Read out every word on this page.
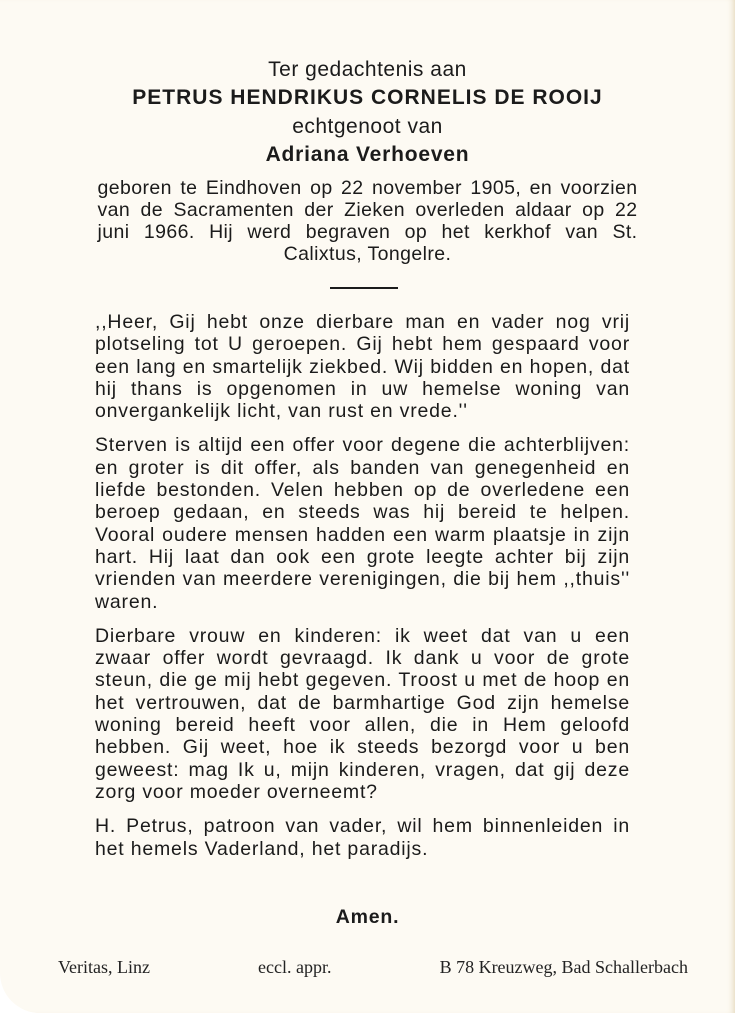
Ter gedachtenis aan
PETRUS HENDRIKUS CORNELIS DE ROOIJ
echtgenoot van
Adriana Verhoeven
geboren te Eindhoven op 22 november 1905, en voorzien van de Sacramenten der Zieken overleden aldaar op 22 juni 1966. Hij werd begraven op het kerkhof van St. Calixtus, Tongelre.

,,Heer, Gij hebt onze dierbare man en vader nog vrij plotseling tot U geroepen. Gij hebt hem gespaard voor een lang en smartelijk ziekbed. Wij bidden en hopen, dat hij thans is opgenomen in uw hemelse woning van onvergankelijk licht, van rust en vrede.''

Sterven is altijd een offer voor degene die achterblijven: en groter is dit offer, als banden van genegenheid en liefde bestonden. Velen hebben op de overledene een beroep gedaan, en steeds was hij bereid te helpen. Vooral oudere mensen hadden een warm plaatsje in zijn hart. Hij laat dan ook een grote leegte achter bij zijn vrienden van meerdere verenigingen, die bij hem ,,thuis'' waren.

Dierbare vrouw en kinderen: ik weet dat van u een zwaar offer wordt gevraagd. Ik dank u voor de grote steun, die ge mij hebt gegeven. Troost u met de hoop en het vertrouwen, dat de barmhartige God zijn hemelse woning bereid heeft voor allen, die in Hem geloofd hebben. Gij weet, hoe ik steeds bezorgd voor u ben geweest: mag Ik u, mijn kinderen, vragen, dat gij deze zorg voor moeder overneemt?

H. Petrus, patroon van vader, wil hem binnenleiden in het hemels Vaderland, het paradijs.

Amen.
Veritas, Linz	eccl. appr.	B 78 Kreuzweg, Bad Schallerbach
